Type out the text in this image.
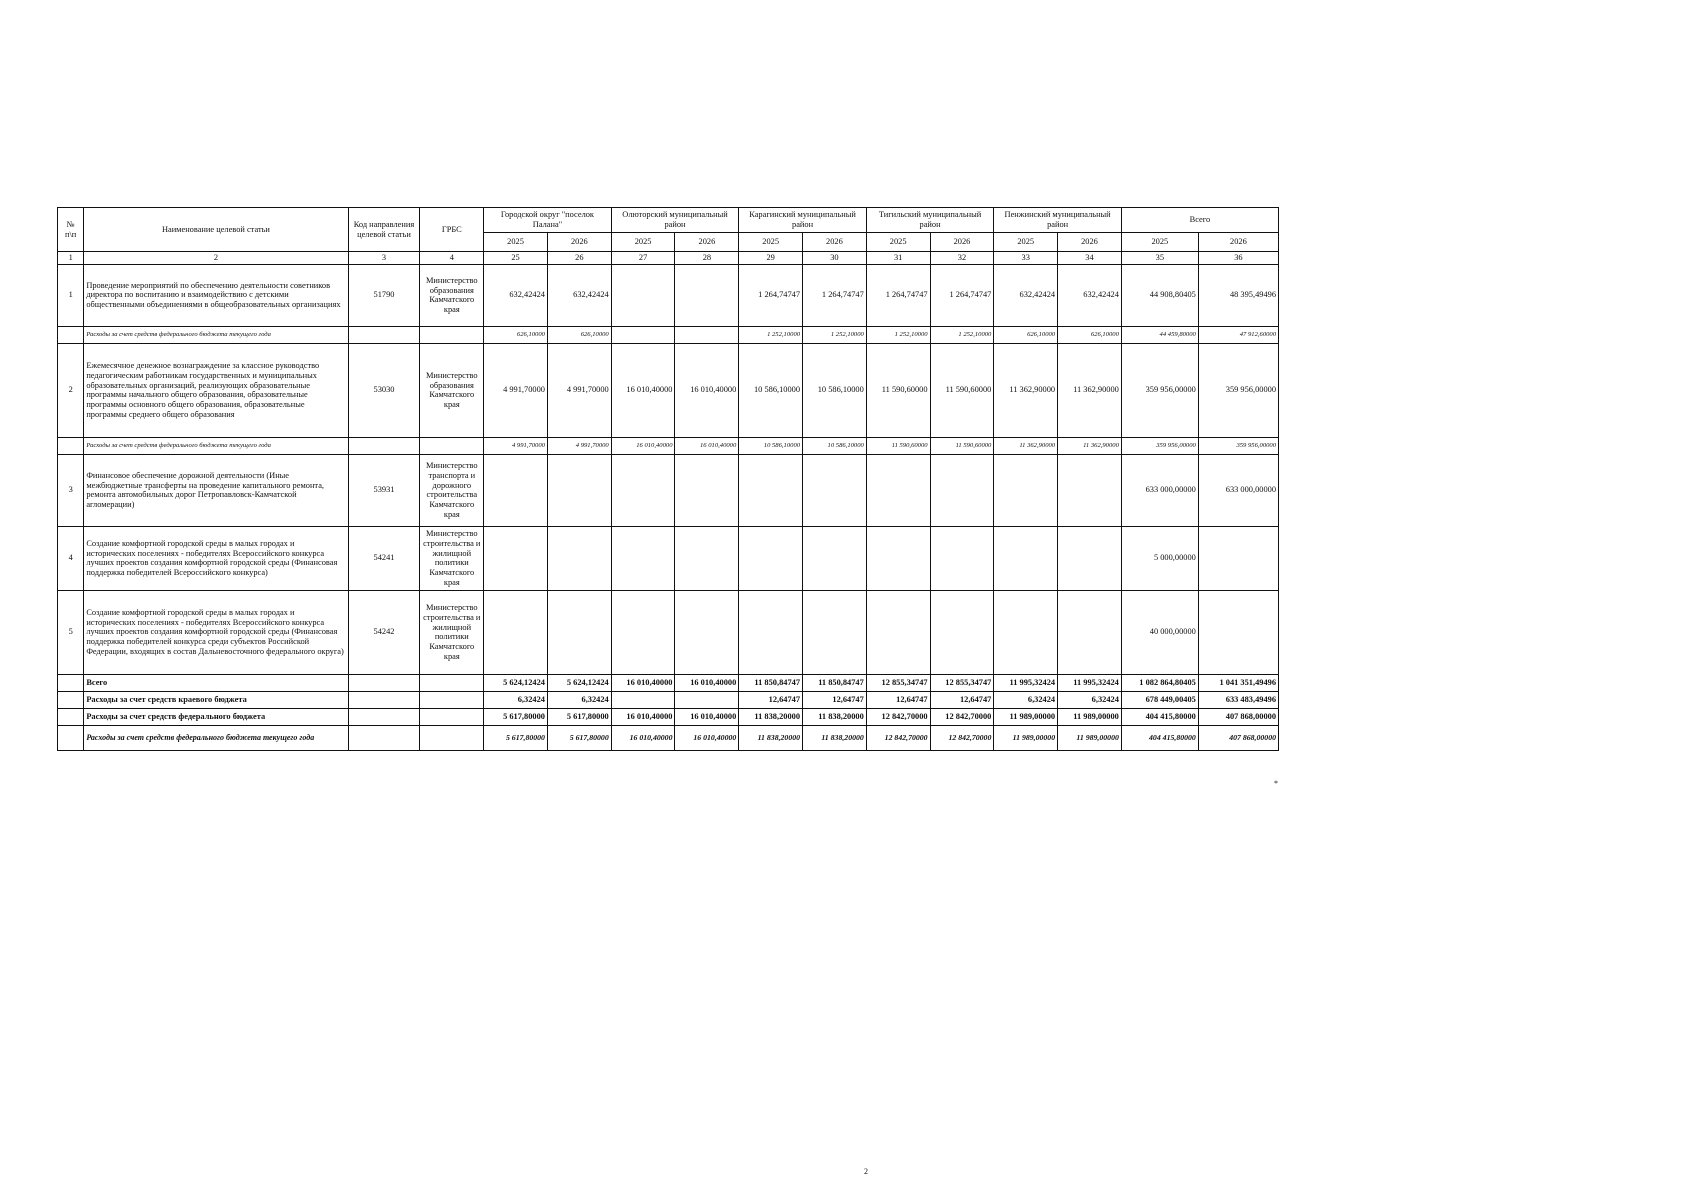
№ п\п	Наименование целевой статьи	Код направления целевой статьи	ГРБС	Городской округ "поселок Палана"		Олюторский муниципальный район		Карагинский муниципальный район		Тигильский муниципальный район		Пенжинский муниципальный район		Всего	
				2025	2026	2025	2026	2025	2026	2025	2026	2025	2026	2025	2026
1	2	3	4	25	26	27	28	29	30	31	32	33	34	35	36
1	Проведение мероприятий по обеспечению деятельности советников директора по воспитанию и взаимодействию с детскими общественными объединениями в общеобразовательных организациях	51790	Министерство образования Камчатского края	632,42424	632,42424			1 264,74747	1 264,74747	1 264,74747	1 264,74747	632,42424	632,42424	44 908,80405	48 395,49496
	Расходы за счет средств федерального бюджета текущего года			626,10000	626,10000			1 252,10000	1 252,10000	1 252,10000	1 252,10000	626,10000	626,10000	44 459,80000	47 912,60000
2	Ежемесячное денежное вознаграждение за классное руководство педагогическим работникам государственных и муниципальных образовательных организаций, реализующих образовательные программы начального общего образования, образовательные программы основного общего образования, образовательные программы среднего общего образования	53030	Министерство образования Камчатского края	4 991,70000	4 991,70000	16 010,40000	16 010,40000	10 586,10000	10 586,10000	11 590,60000	11 590,60000	11 362,90000	11 362,90000	359 956,00000	359 956,00000
	Расходы за счет средств федерального бюджета текущего года			4 991,70000	4 991,70000	16 010,40000	16 010,40000	10 586,10000	10 586,10000	11 590,60000	11 590,60000	11 362,90000	11 362,90000	359 956,00000	359 956,00000
3	Финансовое обеспечение дорожной деятельности (Иные межбюджетные трансферты на проведение капитального ремонта, ремонта автомобильных дорог Петропавловск-Камчатской агломерации)	53931	Министерство транспорта и дорожного строительства Камчатского края											633 000,00000	633 000,00000
4	Создание комфортной городской среды в малых городах и исторических поселениях - победителях Всероссийского конкурса лучших проектов создания комфортной городской среды (Финансовая поддержка победителей Всероссийского конкурса)	54241	Министерство строительства и жилищной политики Камчатского края											5 000,00000	
5	Создание комфортной городской среды в малых городах и исторических поселениях - победителях Всероссийского конкурса лучших проектов создания комфортной городской среды (Финансовая поддержка победителей конкурса среди субъектов Российской Федерации, входящих в состав Дальневосточного федерального округа)	54242	Министерство строительства и жилищной политики Камчатского края											40 000,00000	
	Всего			5 624,12424	5 624,12424	16 010,40000	16 010,40000	11 850,84747	11 850,84747	12 855,34747	12 855,34747	11 995,32424	11 995,32424	1 082 864,80405	1 041 351,49496
	Расходы за счет средств краевого бюджета			6,32424	6,32424			12,64747	12,64747	12,64747	12,64747	6,32424	6,32424	678 449,00405	633 483,49496
	Расходы за счет средств федерального бюджета			5 617,80000	5 617,80000	16 010,40000	16 010,40000	11 838,20000	11 838,20000	12 842,70000	12 842,70000	11 989,00000	11 989,00000	404 415,80000	407 868,00000
	Расходы за счет средств федерального бюджета текущего года			5 617,80000	5 617,80000	16 010,40000	16 010,40000	11 838,20000	11 838,20000	12 842,70000	12 842,70000	11 989,00000	11 989,00000	404 415,80000	407 868,00000
2
*
